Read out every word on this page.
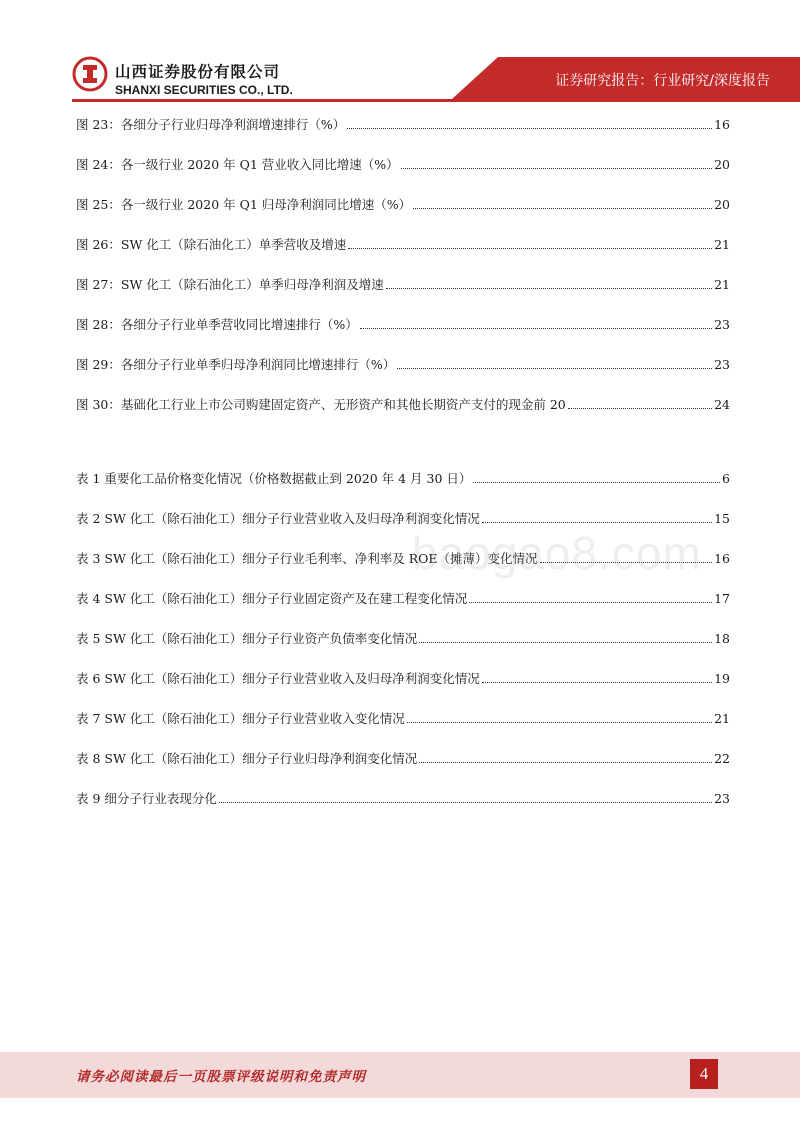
山西证券股份有限公司
SHANXI SECURITIES CO., LTD.
证券研究报告：行业研究/深度报告
图 23：各细分子行业归母净利润增速排行（%）	16
图 24：各一级行业 2020 年 Q1 营业收入同比增速（%）	20
图 25：各一级行业 2020 年 Q1 归母净利润同比增速（%）	20
图 26：SW 化工（除石油化工）单季营收及增速	21
图 27：SW 化工（除石油化工）单季归母净利润及增速	21
图 28：各细分子行业单季营收同比增速排行（%）	23
图 29：各细分子行业单季归母净利润同比增速排行（%）	23
图 30：基础化工行业上市公司购建固定资产、无形资产和其他长期资产支付的现金前 20	24
表 1 重要化工品价格变化情况（价格数据截止到 2020 年 4 月 30 日）	6
表 2 SW 化工（除石油化工）细分子行业营业收入及归母净利润变化情况	15
表 3 SW 化工（除石油化工）细分子行业毛利率、净利率及 ROE（摊薄）变化情况	16
表 4 SW 化工（除石油化工）细分子行业固定资产及在建工程变化情况	17
表 5 SW 化工（除石油化工）细分子行业资产负债率变化情况	18
表 6 SW 化工（除石油化工）细分子行业营业收入及归母净利润变化情况	19
表 7 SW 化工（除石油化工）细分子行业营业收入变化情况	21
表 8 SW 化工（除石油化工）细分子行业归母净利润变化情况	22
表 9 细分子行业表现分化	23
baogao8.com
请务必阅读最后一页股票评级说明和免责声明	4
